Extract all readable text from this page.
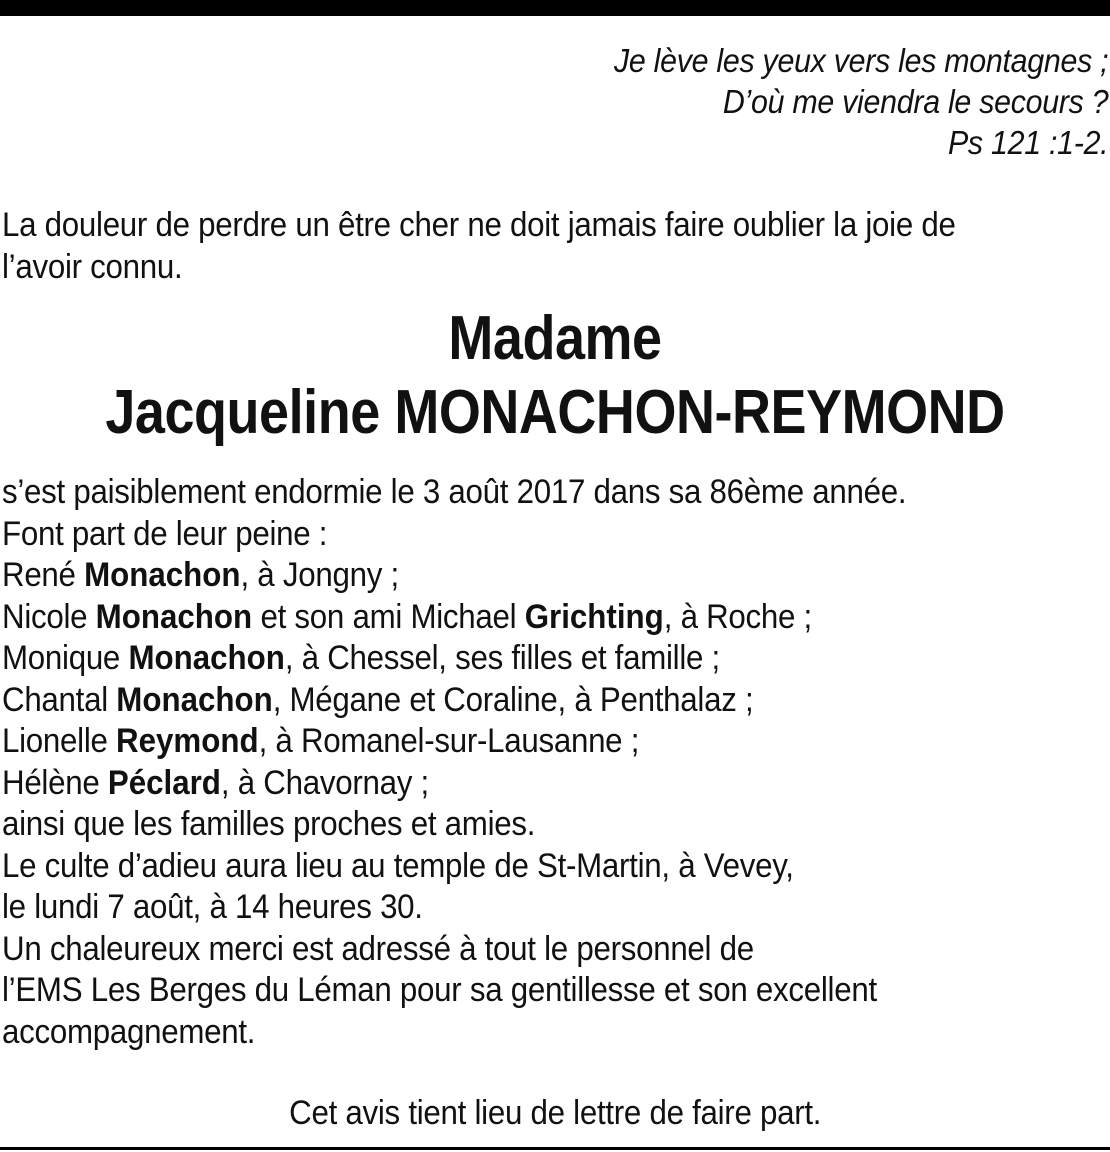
Je lève les yeux vers les montagnes ;
D’où me viendra le secours ?
Ps 121 :1-2.
La douleur de perdre un être cher ne doit jamais faire oublier la joie de
l’avoir connu.
Madame
Jacqueline MONACHON-REYMOND
s’est paisiblement endormie le 3 août 2017 dans sa 86ème année.
Font part de leur peine :
René Monachon, à Jongny ;
Nicole Monachon et son ami Michael Grichting, à Roche ;
Monique Monachon, à Chessel, ses filles et famille ;
Chantal Monachon, Mégane et Coraline, à Penthalaz ;
Lionelle Reymond, à Romanel-sur-Lausanne ;
Hélène Péclard, à Chavornay ;
ainsi que les familles proches et amies.
Le culte d’adieu aura lieu au temple de St-Martin, à Vevey,
le lundi 7 août, à 14 heures 30.
Un chaleureux merci est adressé à tout le personnel de
l’EMS Les Berges du Léman pour sa gentillesse et son excellent
accompagnement.
Cet avis tient lieu de lettre de faire part.
